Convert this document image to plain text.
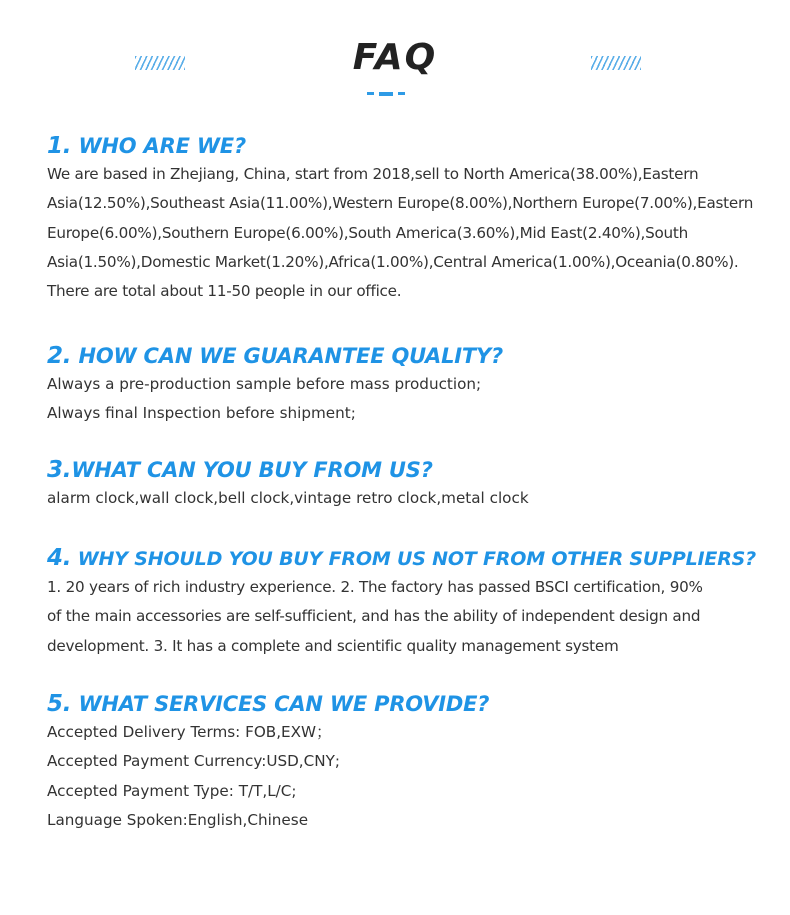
FAQ
1. WHO ARE WE?

We are based in Zhejiang, China, start from 2018,sell to North America(38.00%),Eastern
Asia(12.50%),Southeast Asia(11.00%),Western Europe(8.00%),Northern Europe(7.00%),Eastern
Europe(6.00%),Southern Europe(6.00%),South America(3.60%),Mid East(2.40%),South
Asia(1.50%),Domestic Market(1.20%),Africa(1.00%),Central America(1.00%),Oceania(0.80%).
There are total about 11-50 people in our office.

2. HOW CAN WE GUARANTEE QUALITY?

Always a pre-production sample before mass production;
Always final Inspection before shipment;

3.WHAT CAN YOU BUY FROM US?

alarm clock,wall clock,bell clock,vintage retro clock,metal clock

4. WHY SHOULD YOU BUY FROM US NOT FROM OTHER SUPPLIERS?

1. 20 years of rich industry experience. 2. The factory has passed BSCI certification, 90%
of the main accessories are self-sufficient, and has the ability of independent design and
development. 3. It has a complete and scientific quality management system

5. WHAT SERVICES CAN WE PROVIDE?

Accepted Delivery Terms: FOB,EXW；
Accepted Payment Currency:USD,CNY;
Accepted Payment Type: T/T,L/C;
Language Spoken:English,Chinese
